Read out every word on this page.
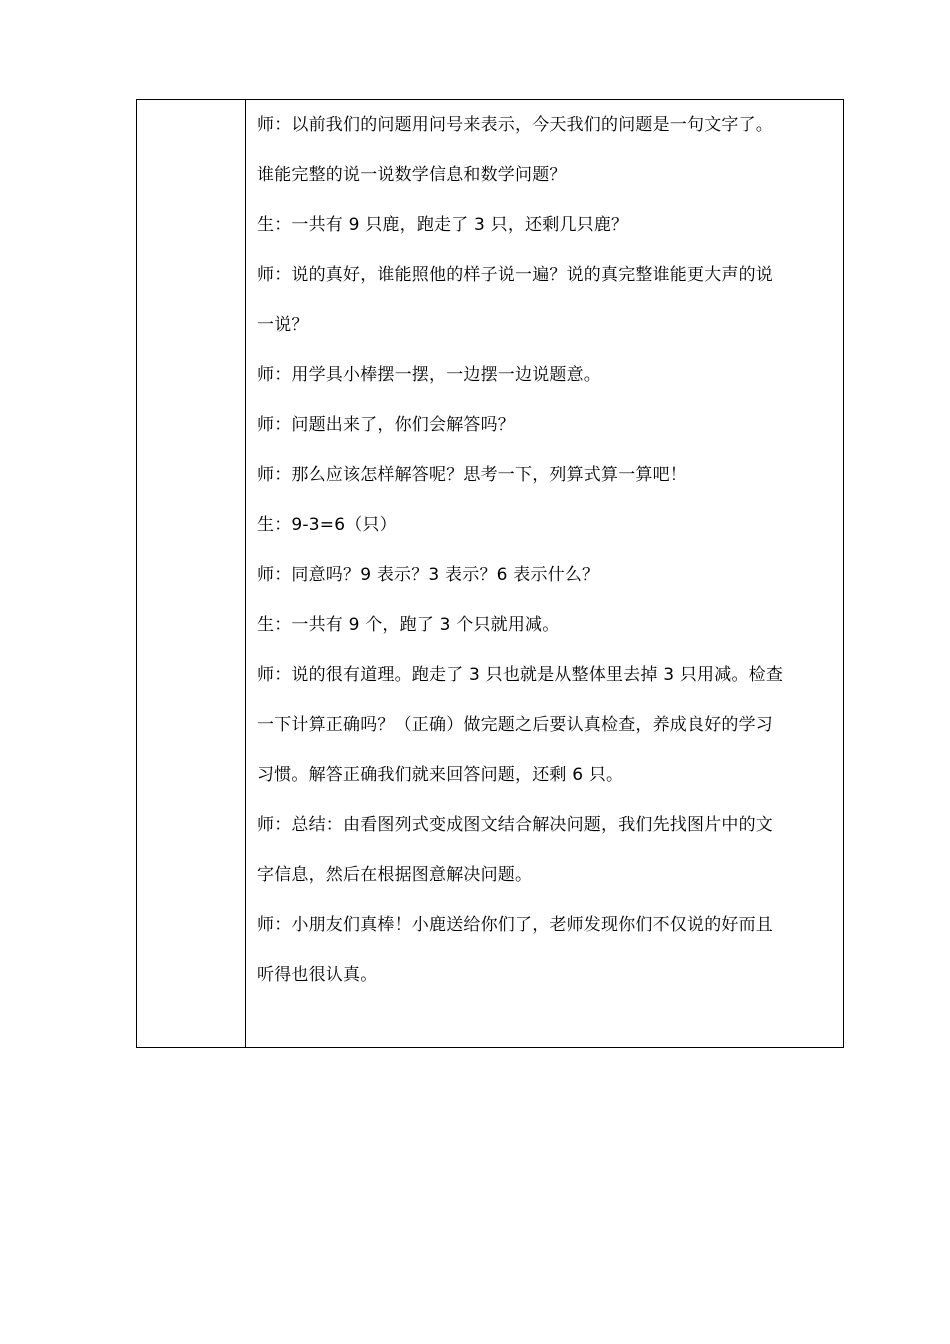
师：以前我们的问题用问号来表示，今天我们的问题是一句文字了。
谁能完整的说一说数学信息和数学问题？
生：一共有 9 只鹿，跑走了 3 只，还剩几只鹿？
师：说的真好，谁能照他的样子说一遍？说的真完整谁能更大声的说
一说？
师：用学具小棒摆一摆，一边摆一边说题意。
师：问题出来了，你们会解答吗？
师：那么应该怎样解答呢？思考一下，列算式算一算吧！
生：9-3=6（只）
师：同意吗？9 表示？3 表示？6 表示什么？
生：一共有 9 个，跑了 3 个只就用减。
师：说的很有道理。跑走了 3 只也就是从整体里去掉 3 只用减。检查
一下计算正确吗？（正确）做完题之后要认真检查，养成良好的学习
习惯。解答正确我们就来回答问题，还剩 6 只。
师：总结：由看图列式变成图文结合解决问题，我们先找图片中的文
字信息，然后在根据图意解决问题。
师：小朋友们真棒！小鹿送给你们了，老师发现你们不仅说的好而且
听得也很认真。
